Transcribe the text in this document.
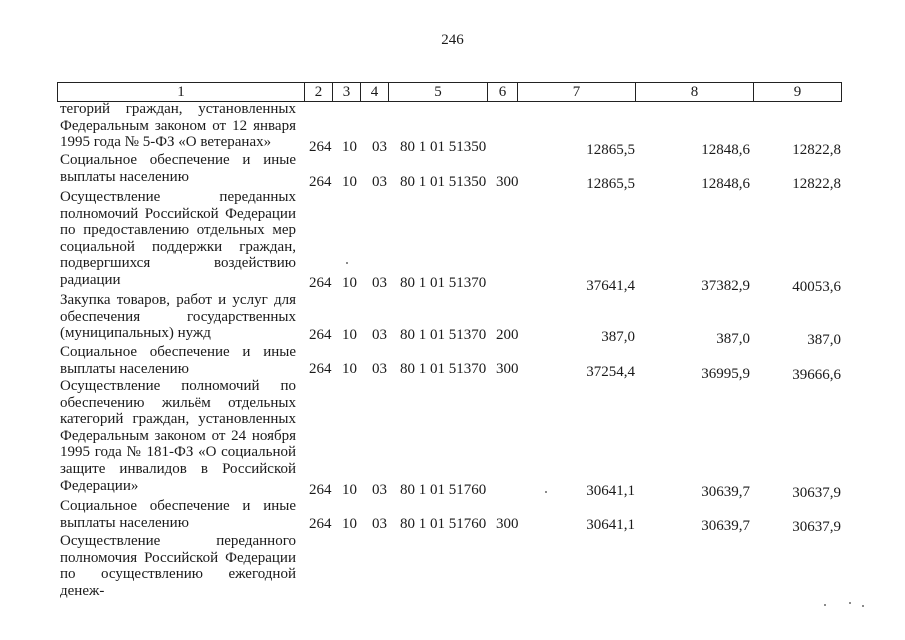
246
1	2	3	4	5	6	7	8	9
тегорий граждан, установленных Федеральным законом от 12 января 1995 года № 5-ФЗ «О ветеранах»	264 10 03 80 1 01 51350	12865,5	12848,6	12822,8
Социальное обеспечение и иные выплаты населению	264 10 03 80 1 01 51350 300	12865,5	12848,6	12822,8
Осуществление переданных полномочий Российской Федерации по предоставлению отдельных мер социальной поддержки граждан, подвергшихся воздействию радиации	264 10 03 80 1 01 51370	37641,4	37382,9	40053,6
Закупка товаров, работ и услуг для обеспечения государственных (муниципальных) нужд	264 10 03 80 1 01 51370 200	387,0	387,0	387,0
Социальное обеспечение и иные выплаты населению	264 10 03 80 1 01 51370 300	37254,4	36995,9	39666,6
Осуществление полномочий по обеспечению жильём отдельных категорий граждан, установленных Федеральным законом от 24 ноября 1995 года № 181-ФЗ «О социальной защите инвалидов в Российской Федерации»	264 10 03 80 1 01 51760	30641,1	30639,7	30637,9
Социальное обеспечение и иные выплаты населению	264 10 03 80 1 01 51760 300	30641,1	30639,7	30637,9
Осуществление переданного полномочия Российской Федерации по осуществлению ежегодной денеж-
